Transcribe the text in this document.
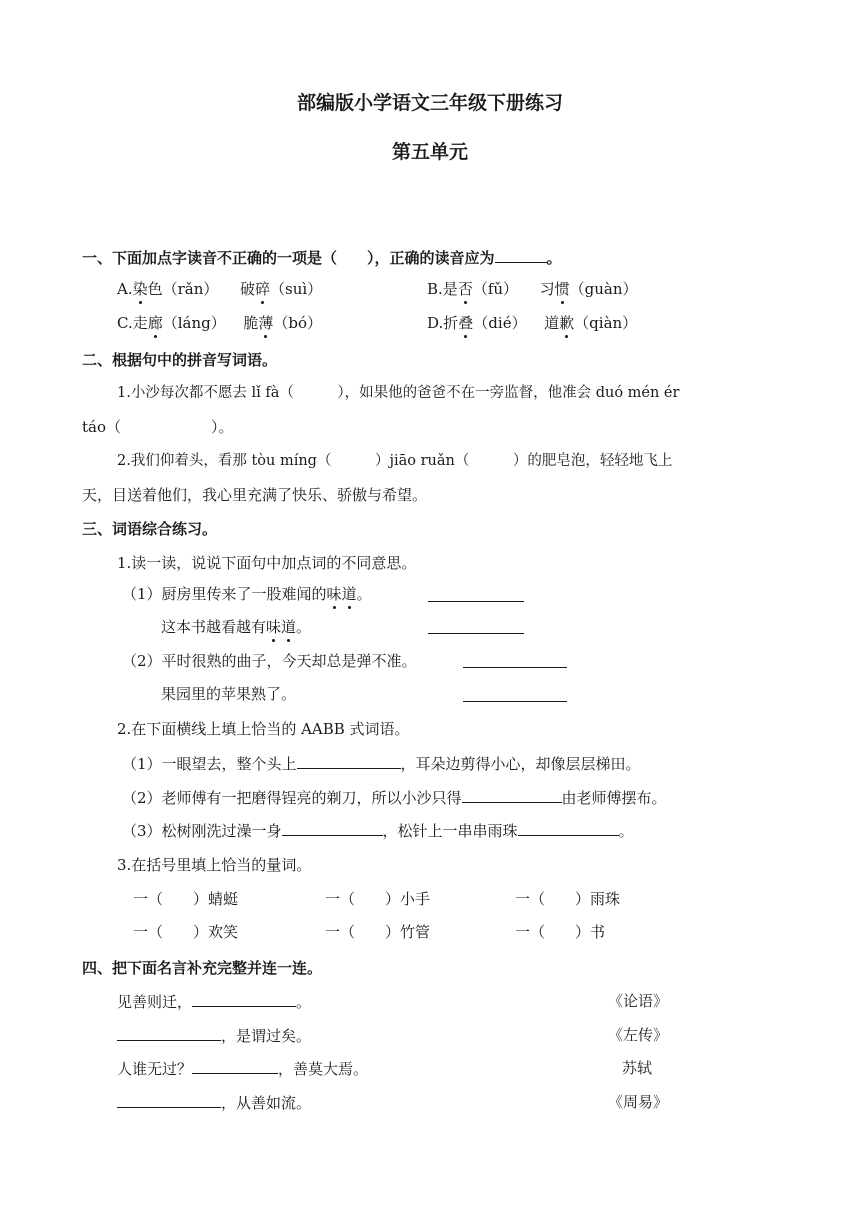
部编版小学语文三年级下册练习
第五单元
一、下面加点字读音不正确的一项是（　　），正确的读音应为	。
A.染色（rǎn） 破碎（suì）	B.是否（fǔ） 习惯（guàn）
C.走廊（láng） 脆薄（bó）	D.折叠（dié） 道歉（qiàn）
二、根据句中的拼音写词语。
1.小沙每次都不愿去 lǐ fà（　　　），如果他的爸爸不在一旁监督，他准会 duó mén ér
táo（　　　　　　）。
2.我们仰着头，看那 tòu míng（　　　）jiāo ruǎn（　　　）的肥皂泡，轻轻地飞上
天，目送着他们，我心里充满了快乐、骄傲与希望。
三、词语综合练习。
1.读一读，说说下面句中加点词的不同意思。
（1）厨房里传来了一股难闻的味道。
这本书越看越有味道。
（2）平时很熟的曲子，今天却总是弹不准。
果园里的苹果熟了。
2.在下面横线上填上恰当的 AABB 式词语。
（1）一眼望去，整个头上	，耳朵边剪得小心，却像层层梯田。
（2）老师傅有一把磨得锃亮的剃刀，所以小沙只得	由老师傅摆布。
（3）松树刚洗过澡一身	，松针上一串串雨珠	。
3.在括号里填上恰当的量词。
一（　　）蜻蜓	一（　　）小手	一（　　）雨珠
一（　　）欢笑	一（　　）竹管	一（　　）书
四、把下面名言补充完整并连一连。
见善则迁，	。	《论语》
，是谓过矣。	《左传》
人谁无过？	，善莫大焉。	苏轼
，从善如流。	《周易》
